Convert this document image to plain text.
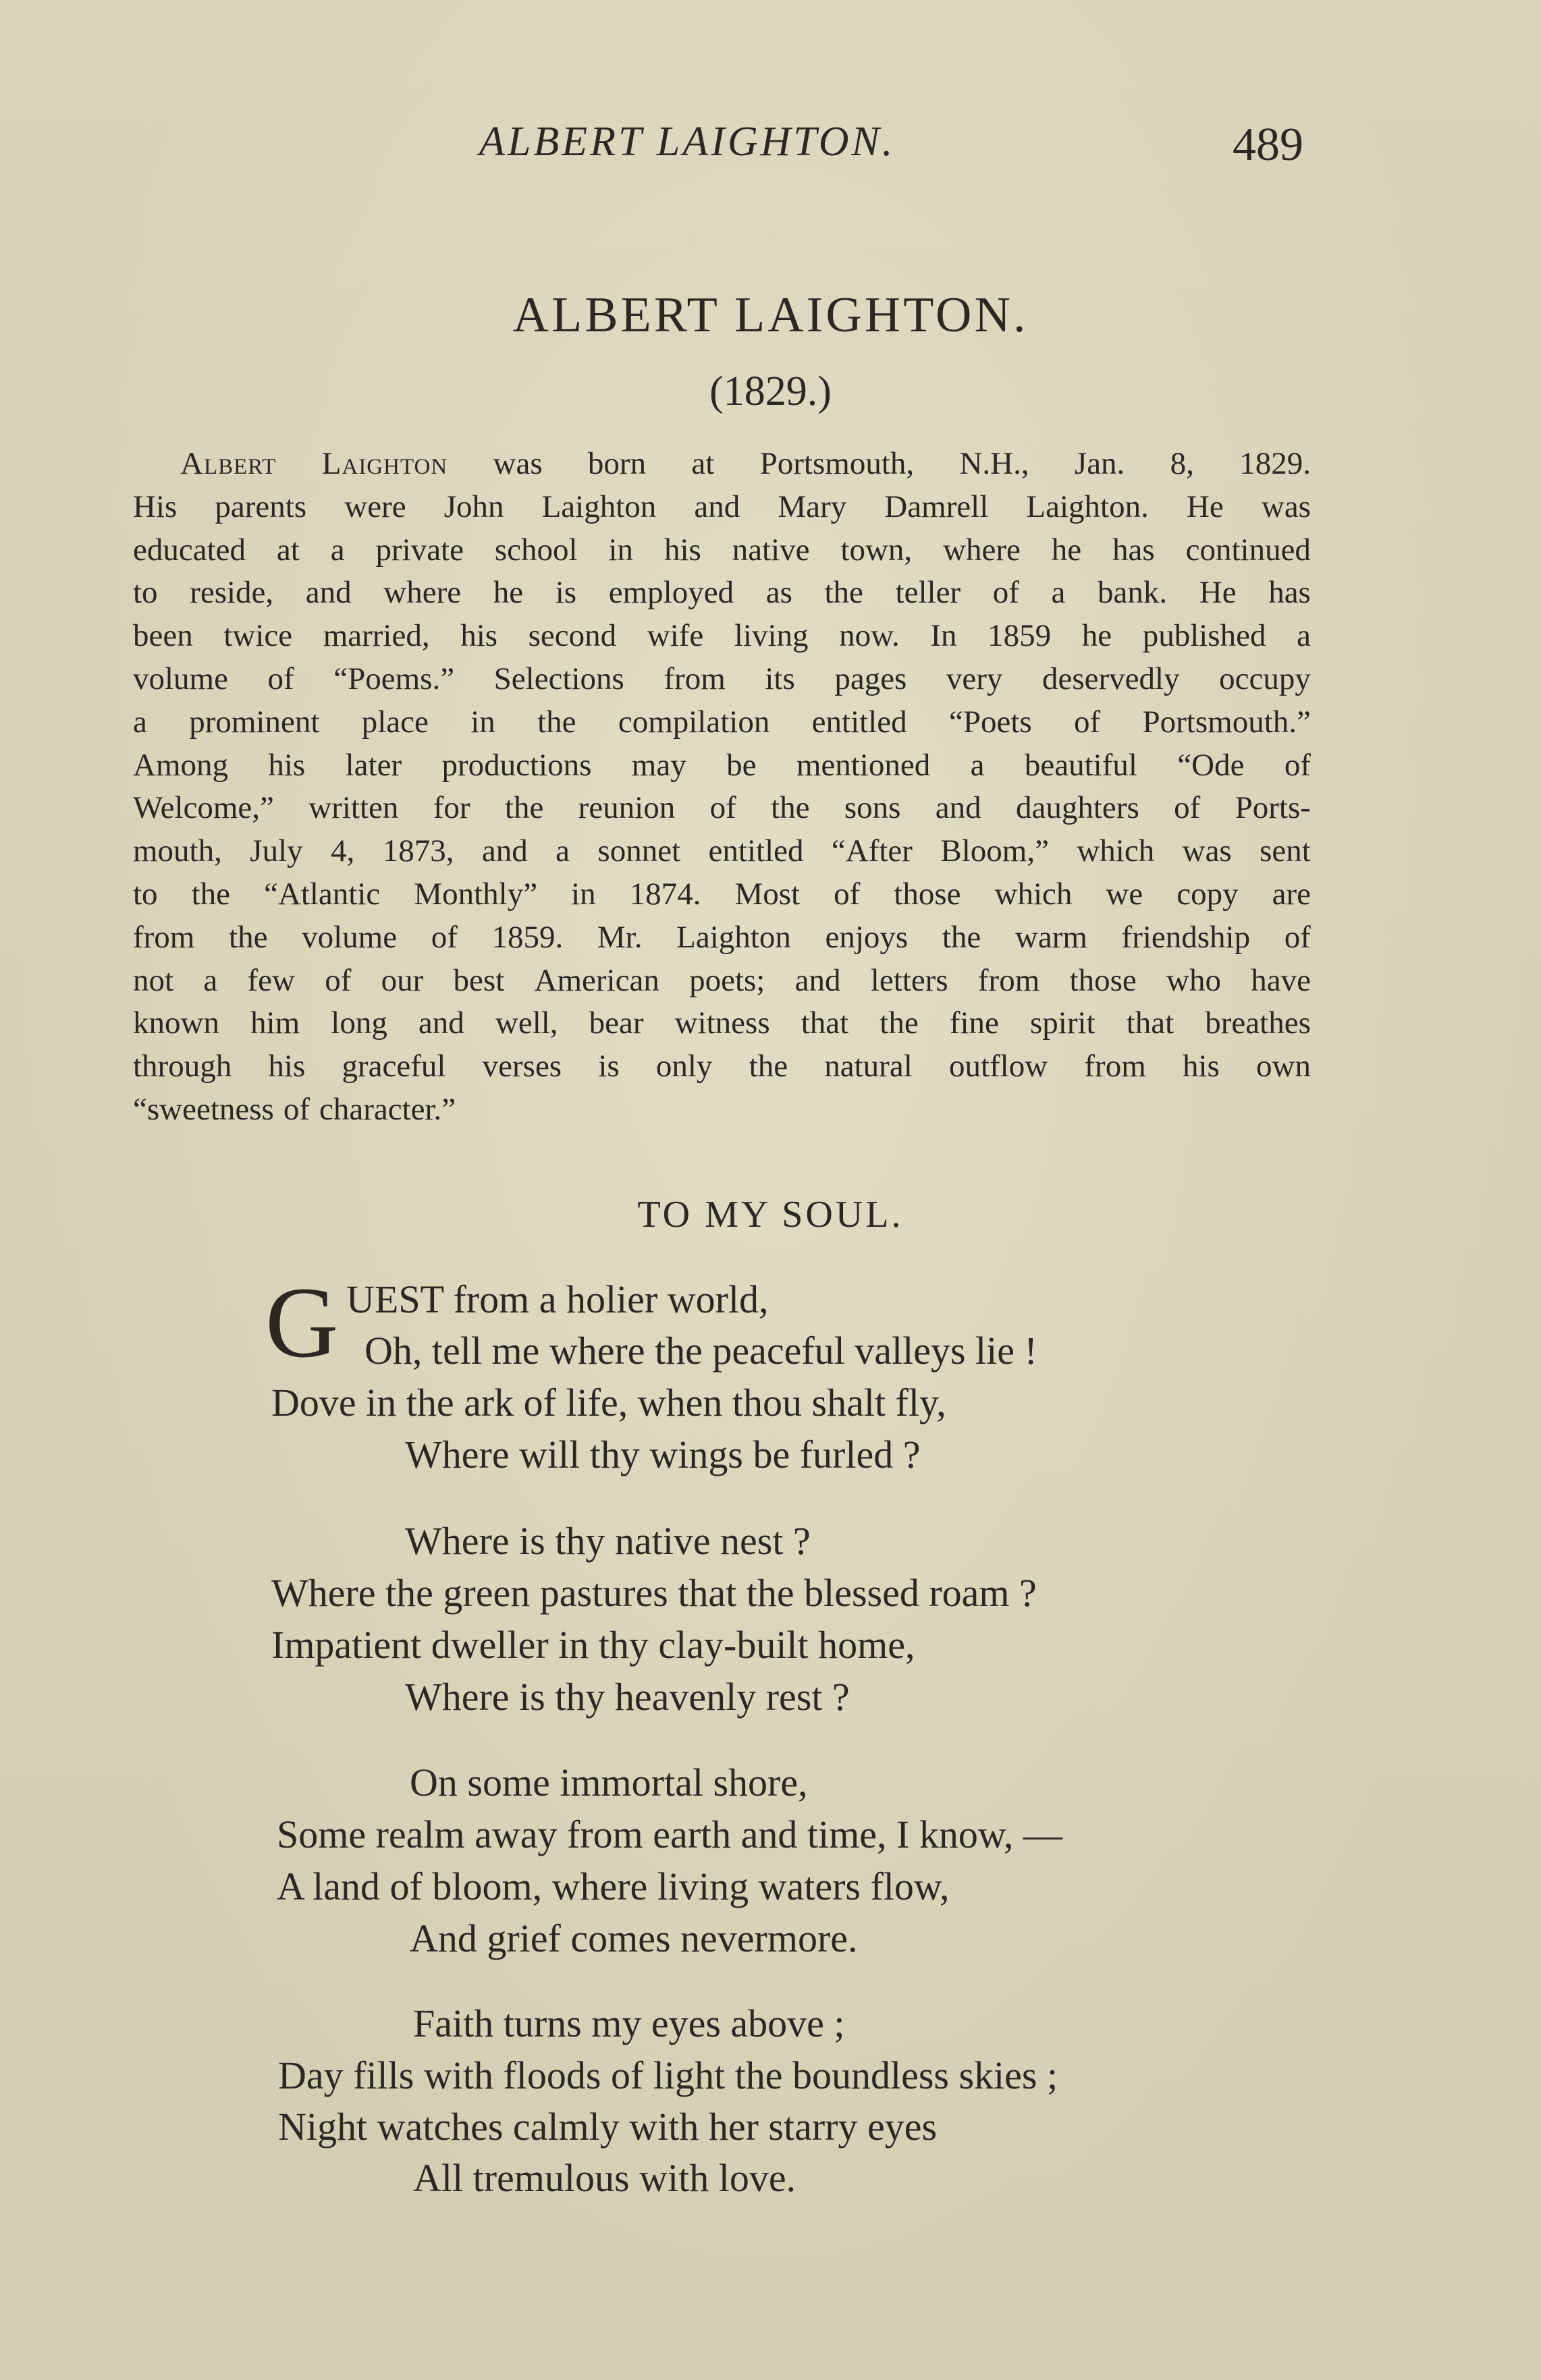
ALBERT LAIGHTON.	489
ALBERT LAIGHTON.
(1829.)
Albert Laighton was born at Portsmouth, N.H., Jan. 8, 1829.
His parents were John Laighton and Mary Damrell Laighton. He was
educated at a private school in his native town, where he has continued
to reside, and where he is employed as the teller of a bank. He has
been twice married, his second wife living now. In 1859 he published a
volume of “Poems.” Selections from its pages very deservedly occupy
a prominent place in the compilation entitled “Poets of Portsmouth.”
Among his later productions may be mentioned a beautiful “Ode of
Welcome,” written for the reunion of the sons and daughters of Ports-
mouth, July 4, 1873, and a sonnet entitled “After Bloom,” which was sent
to the “Atlantic Monthly” in 1874. Most of those which we copy are
from the volume of 1859. Mr. Laighton enjoys the warm friendship of
not a few of our best American poets; and letters from those who have
known him long and well, bear witness that the fine spirit that breathes
through his graceful verses is only the natural outflow from his own
“sweetness of character.”
TO MY SOUL.
G UEST from a holier world,
Oh, tell me where the peaceful valleys lie !
Dove in the ark of life, when thou shalt fly,
Where will thy wings be furled ?
Where is thy native nest ?
Where the green pastures that the blessed roam ?
Impatient dweller in thy clay-built home,
Where is thy heavenly rest ?
On some immortal shore,
Some realm away from earth and time, I know, —
A land of bloom, where living waters flow,
And grief comes nevermore.
Faith turns my eyes above ;
Day fills with floods of light the boundless skies ;
Night watches calmly with her starry eyes
All tremulous with love.
